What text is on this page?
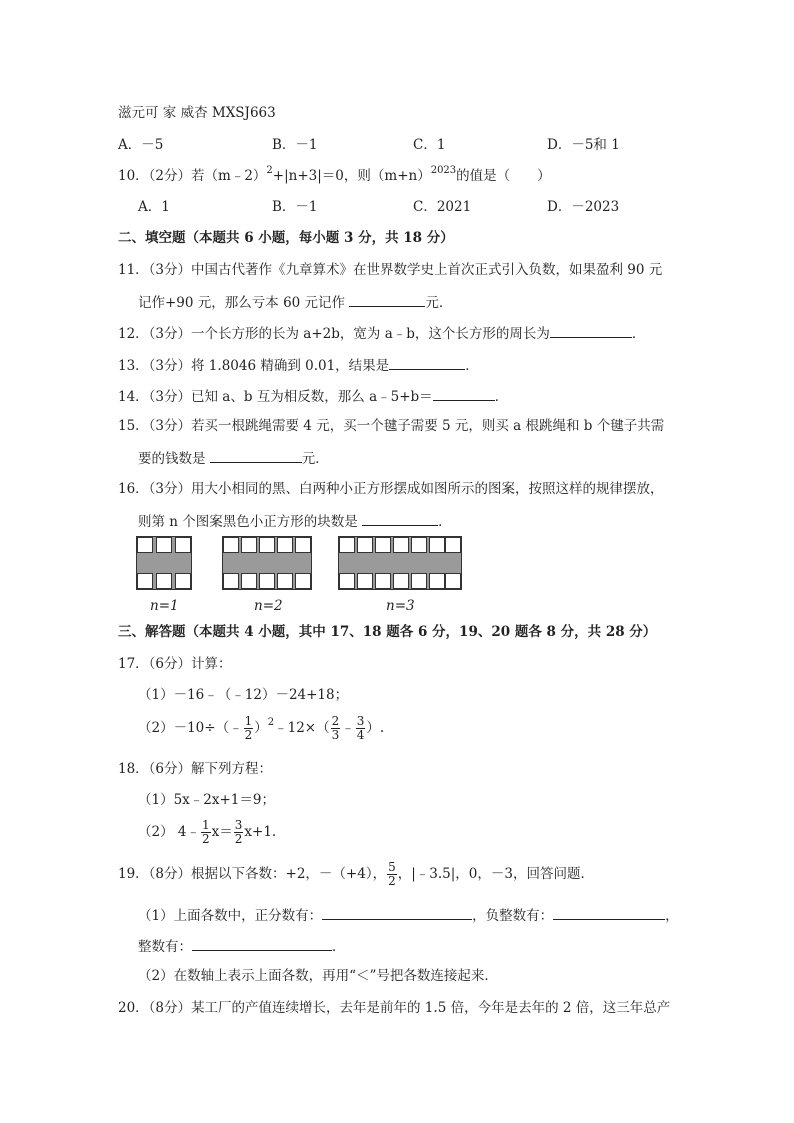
滋元可 家 威杏 MXSJ663
A．－5	B．－1	C．1	D．－5和 1
10．（2分）若（m﹣2）$^2$+|n+3|＝0，则$(m+n)^{2023}$的值是（　　）
A．1	B．－1	C．2021	D．－2023
二、填空题（本题共 6 小题，每小题 3 分，共 18 分）
11．（3分）中国古代著作《九章算术》在世界数学史上首次正式引入负数，如果盈利 90 元
记作+90 元，那么亏本 60 元记作	元．
12．（3分）一个长方形的长为 a+2b，宽为 a﹣b，这个长方形的周长为	．
13．（3分）将 1.8046 精确到 0.01，结果是	．
14．（3分）已知 a、b 互为相反数，那么 a﹣5+b＝	．
15．（3分）若买一根跳绳需要 4 元，买一个毽子需要 5 元，则买 a 根跳绳和 b 个毽子共需
要的钱数是	元．
16．（3分）用大小相同的黑、白两种小正方形摆成如图所示的图案，按照这样的规律摆放，
则第 n 个图案黑色小正方形的块数是	．
n=1	n=2	n=3
三、解答题（本题共 4 小题，其中 17、18 题各 6 分，19、20 题各 8 分，共 28 分）
17．（6分）计算：
（1）－16﹣（﹣12）－24+18；
（2）－10÷（﹣ $\frac{1}{2}$ ）$^2$﹣12×（ $\frac{2}{3}$ ﹣ $\frac{3}{4}$ ）.
18．（6分）解下列方程：
（1）5x﹣2x+1＝9；
（2） 4﹣ $\frac{1}{2} x= \frac{3}{2} x+1$.
19．（8分）根据以下各数：+2，－（+4）， $\frac{5}{2}$ ，|﹣3.5|，0，－3，回答问题．
（1）上面各数中，正分数有：	，负整数有：	，
整数有：	．
（2）在数轴上表示上面各数，再用“＜”号把各数连接起来．
20．（8分）某工厂的产值连续增长，去年是前年的 1.5 倍，今年是去年的 2 倍，这三年总产
